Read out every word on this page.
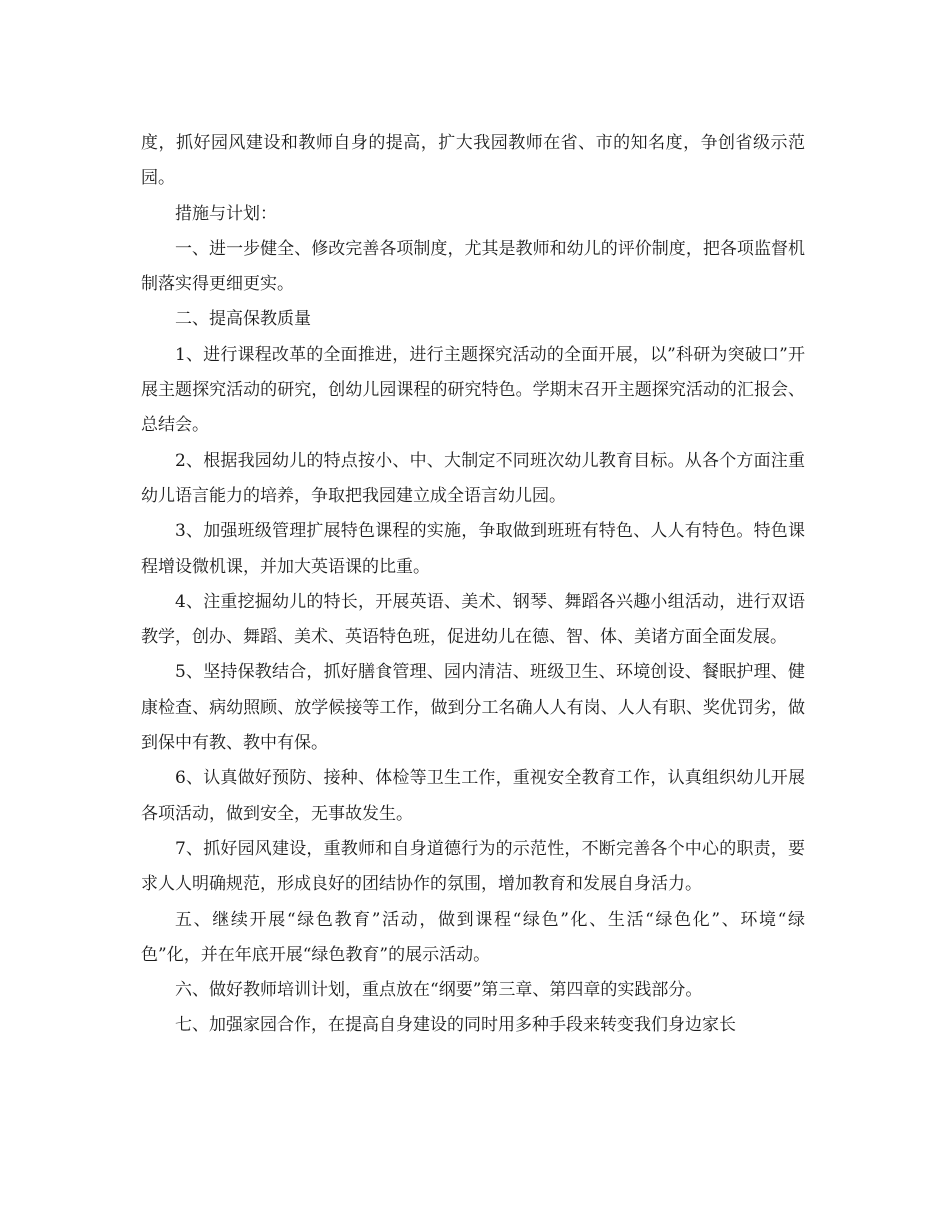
度，抓好园风建设和教师自身的提高，扩大我园教师在省、市的知名度，争创省级示范园。

措施与计划：

一、进一步健全、修改完善各项制度，尤其是教师和幼儿的评价制度，把各项监督机制落实得更细更实。

二、提高保教质量

1、进行课程改革的全面推进，进行主题探究活动的全面开展，以”科研为突破口”开展主题探究活动的研究，创幼儿园课程的研究特色。学期末召开主题探究活动的汇报会、总结会。

2、根据我园幼儿的特点按小、中、大制定不同班次幼儿教育目标。从各个方面注重幼儿语言能力的培养，争取把我园建立成全语言幼儿园。

3、加强班级管理扩展特色课程的实施，争取做到班班有特色、人人有特色。特色课程增设微机课，并加大英语课的比重。

4、注重挖掘幼儿的特长，开展英语、美术、钢琴、舞蹈各兴趣小组活动，进行双语教学，创办、舞蹈、美术、英语特色班，促进幼儿在德、智、体、美诸方面全面发展。

5、坚持保教结合，抓好膳食管理、园内清洁、班级卫生、环境创设、餐眠护理、健康检查、病幼照顾、放学候接等工作，做到分工名确人人有岗、人人有职、奖优罚劣，做到保中有教、教中有保。

6、认真做好预防、接种、体检等卫生工作，重视安全教育工作，认真组织幼儿开展各项活动，做到安全，无事故发生。

7、抓好园风建设，重教师和自身道德行为的示范性，不断完善各个中心的职责，要求人人明确规范，形成良好的团结协作的氛围，增加教育和发展自身活力。

五、继续开展“绿色教育”活动，做到课程“绿色”化、生活“绿色化”、环境“绿色”化，并在年底开展“绿色教育”的展示活动。

六、做好教师培训计划，重点放在“纲要”第三章、第四章的实践部分。

七、加强家园合作，在提高自身建设的同时用多种手段来转变我们身边家长
